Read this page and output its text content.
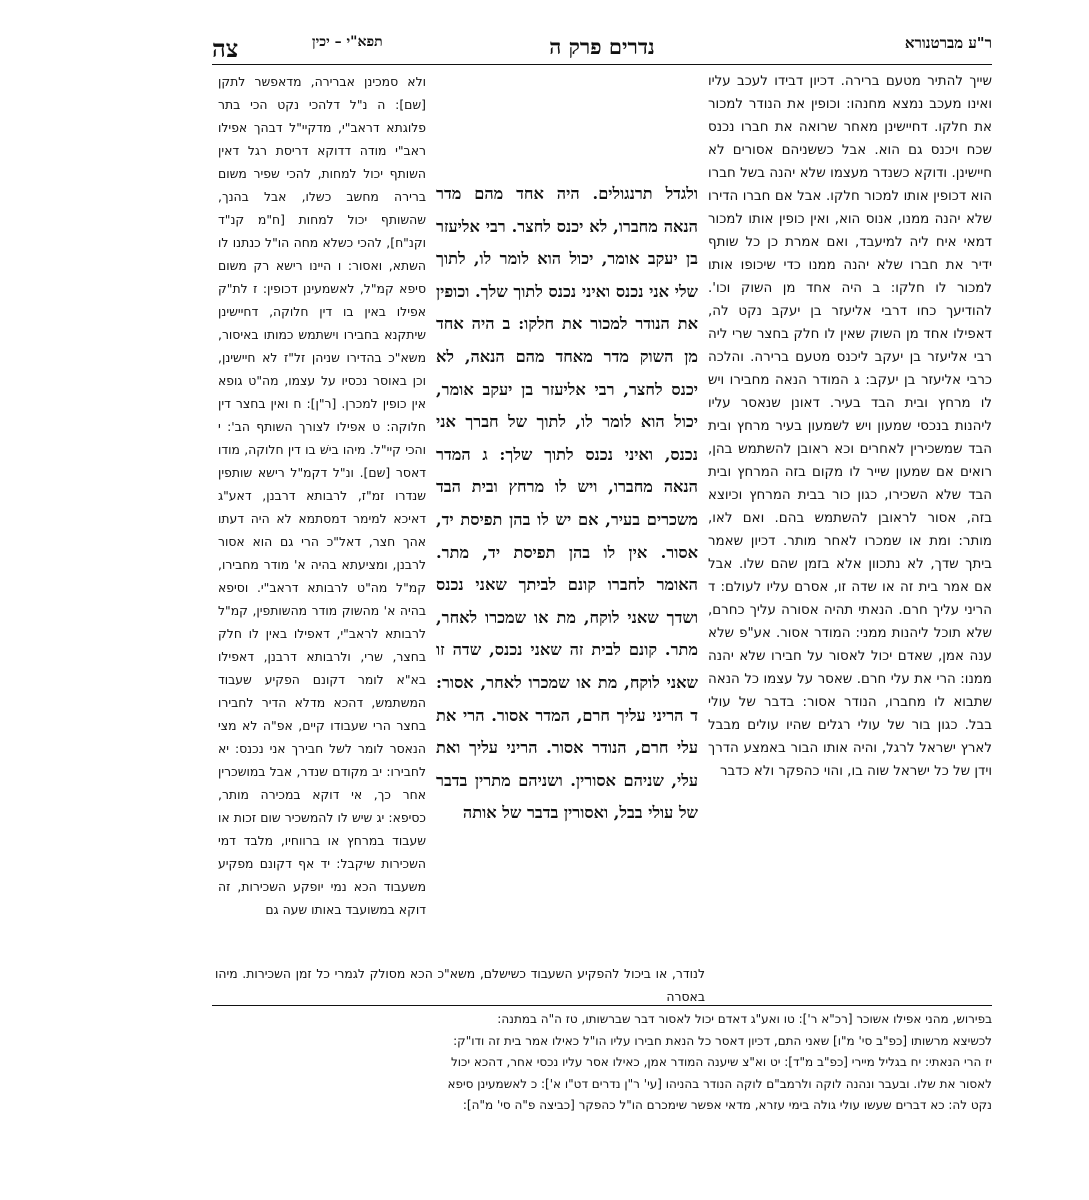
ר"ע מברטנורא
נדרים פרק ה
תפא"י – יכין
צה
שייך להתיר מטעם ברירה. דכיון דבידו לעכב עליו ואינו מעכב נמצא מחנהו: וכופין את הנודר למכור את חלקו. דחיישינן מאחר שרואה את חברו נכנס שכח ויכנס גם הוא. אבל כששניהם אסורים לא חיישינן. ודוקא כשנדר מעצמו שלא יהנה בשל חברו הוא דכופין אותו למכור חלקו. אבל אם חברו הדירו שלא יהנה ממנו, אנוס הוא, ואין כופין אותו למכור דמאי איח ליה למיעבד, ואם אמרת כן כל שותף ידיר את חברו שלא יהנה ממנו כדי שיכופו אותו למכור לו חלקו: ב היה אחד מן השוק וכו'. להודיעך כחו דרבי אליעזר בן יעקב נקט לה, דאפילו אחד מן השוק שאין לו חלק בחצר שרי ליה רבי אליעזר בן יעקב ליכנס מטעם ברירה. והלכה כרבי אליעזר בן יעקב: ג המודר הנאה מחבירו ויש לו מרחץ ובית הבד בעיר. דאונן שנאסר עליו ליהנות בנכסי שמעון ויש לשמעון בעיר מרחץ ובית הבד שמשכירין לאחרים וכא ראובן להשתמש בהן, רואים אם שמעון שייר לו מקום בזה המרחץ ובית הבד שלא השכירו, כגון כור בבית המרחץ וכיוצא בזה, אסור לראובן להשתמש בהם. ואם לאו, מותר: ומת או שמכרו לאחר מותר. דכיון שאמר ביתך שדך, לא נתכוון אלא בזמן שהם שלו. אבל אם אמר בית זה או שדה זו, אסרם עליו לעולם: ד הריני עליך חרם. הנאתי תהיה אסורה עליך כחרם, שלא תוכל ליהנות ממני: המודר אסור. אע"פ שלא ענה אמן, שאדם יכול לאסור על חבירו שלא יהנה ממנו: הרי את עלי חרם. שאסר על עצמו כל הנאה שתבוא לו מחברו, הנודר אסור: בדבר של עולי בבל. כגון בור של עולי רגלים שהיו עולים מבבל לארץ ישראל לרגל, והיה אותו הבור באמצע הדרך וידן של כל ישראל שוה בו, והוי כהפקר ולא כדבר
ולגדל תרנגולים. היה אחד מהם מדר הנאה מחברו, לא יכנס לחצר. רבי אליעזר בן יעקב אומר, יכול הוא לומר לו, לתוך שלי אני נכנס ואיני נכנס לתוך שלך. וכופין את הנודר למכור את חלקו: ב היה אחד מן השוק מדר מאחד מהם הנאה, לא יכנס לחצר, רבי אליעזר בן יעקב אומר, יכול הוא לומר לו, לתוך של חברך אני נכנס, ואיני נכנס לתוך שלך: ג המדר הנאה מחברו, ויש לו מרחץ ובית הבד משכרים בעיר, אם יש לו בהן תפיסת יד, אסור. אין לו בהן תפיסת יד, מתר. האומר לחברו קונם לביתך שאני נכנס ושדך שאני לוקח, מת או שמכרו לאחר, מתר. קונם לבית זה שאני נכנס, שדה זו שאני לוקח, מת או שמכרו לאחר, אסור: ד הריני עליך חרם, המדר אסור. הרי את עלי חרם, הנודר אסור. הריני עליך ואת עלי, שניהם אסורין. ושניהם מתרין בדבר של עולי בבל, ואסורין בדבר של אותה
ולא סמכינן אברירה, מדאפשר לתקן [שם]: ה נ"ל דלהכי נקט הכי בתר פלוגתא דראב"י, מדקיי"ל דבהך אפילו ראב"י מודה דדוקא דריסת רגל דאין השותף יכול למחות, להכי שפיר משום ברירה מחשב כשלו, אבל בהנך, שהשותף יכול למחות [ח"מ קנ"ד וקנ"ח], להכי כשלא מחה הו"ל כנתנו לו השתא, ואסור: ו היינו רישא רק משום סיפא קמ"ל, לאשמעינן דכופין: ז לת"ק אפילו באין בו דין חלוקה, דחיישינן שיתקנא בחבירו וישתמש כמותו באיסור, משא"כ בהדירו שניהן זל"ז לא חיישינן, וכן באוסר נכסיו על עצמו, מה"ט גופא אין כופין למכרן. [ר"ן]: ח ואין בחצר דין חלוקה: ט אפילו לצורך השותף הב': י והכי קיי"ל. מיהו בישׁ בו דין חלוקה, מודו דאסר [שם]. ונ"ל דקמ"ל רישא שותפין שנדרו זמ"ז, לרבותא דרבנן, דאע"ג דאיכא למימר דמסתמא לא היה דעתו אהך חצר, דאל"כ הרי גם הוא אסור לרבנן, ומציעתא בהיה א' מודר מחבירו, קמ"ל מה"ט לרבותא דראב"י. וסיפא בהיה א' מהשוק מודר מהשותפין, קמ"ל לרבותא לראב"י, דאפילו באין לו חלק בחצר, שרי, ולרבותא דרבנן, דאפילו בא"א לומר דקונם הפקיע שעבוד המשתמש, דהכא מדלא הדיר לחבירו בחצר הרי שעבודו קיים, אפ"ה לא מצי הנאסר לומר לשל חבירך אני נכנס: יא לחבירו: יב מקודם שנדר, אבל במושכרין אחר כך, אי דוקא במכירה מותר, כסיפא: יג שיש לו להמשכיר שום זכות או שעבוד במרחץ או ברווחיו, מלבד דמי השכירות שיקבל: יד אף דקונם מפקיע משעבוד הכא נמי יופקע השכירות, זה דוקא במשועבד באותו שעה גם
לנודר, או ביכול להפקיע השעבוד כשישלם, משא"כ הכא מסולק לגמרי כל זמן השכירות. מיהו באסרה
בפירוש, מהני אפילו אשוכר [רכ"א ר']: טו ואע"ג דאדם יכול לאסור דבר שברשותו, טז ה"ה במתנה:
לכשיצא מרשותו [כפ"ב סי' מ"ו] שאני התם, דכיון דאסר כל הנאת חבירו עליו הו"ל כאילו אמר בית זה ודו"ק:
יז הרי הנאתי: יח בגליל מיירי [כפ"ב מ"ד]: יט וא"צ שיענה המודר אמן, כאילו אסר עליו נכסי אחר, דהכא יכול
לאסור את שלו. ובעבר ונהנה לוקה ולרמב"ם לוקה הנודר בהניהו [עי' ר"ן נדרים דט"ו א']: כ לאשמעינן סיפא
נקט לה: כא דברים שעשו עולי גולה בימי עזרא, מדאי אפשר שימכרם הו"ל כהפקר [כביצה פ"ה סי' מ"ה]:
